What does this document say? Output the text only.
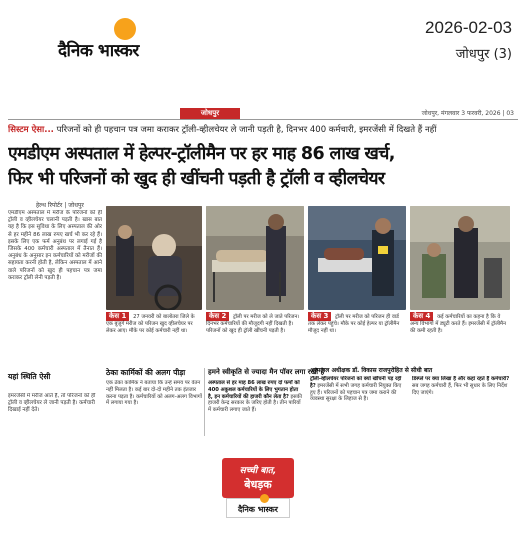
दैनिक भास्कर
2026-02-03
जोधपुर (3)
जोधपुर	जोधपुर, मंगलवार 3 फरवरी, 2026 | 03
सिस्टम ऐसा... परिजनों को ही पहचान पत्र जमा कराकर ट्रॉली-व्हीलचेयर ले जानी पड़ती है, दिनभर 400 कर्मचारी, इमरजेंसी में दिखते हैं नहीं
एमडीएम अस्पताल में हेल्पर-ट्रॉलीमैन पर हर माह 86 लाख खर्च,
फिर भी परिजनों को खुद ही खींचनी पड़ती है ट्रॉली व व्हीलचेयर
हेल्थ रिपोर्टर | जोधपुर

एमडीएम अस्पताल में मरीज के परिजनों को ही ट्रॉली व व्हीलचेयर चलानी पड़ती है। खास बात यह है कि इस सुविधा के लिए अस्पताल की ओर से हर महीने 86 लाख रुपए खर्च भी कर रहे हैं। इसके लिए एक फर्म अनुबंध पर लगाई गई है जिसके 400 कर्मचारी अस्पताल में तैनात हैं। अनुबंध के अनुसार इन कर्मचारियों को मरीजों की सहायता करनी होती है, लेकिन अस्पताल में आने वाले परिजनों को खुद ही पहचान पत्र जमा कराकर ट्रॉली लेनी पड़ती है।

यहां स्थिति ऐसी
इमरजेंसी में मरीज आते हैं, तो परिजनों को ही ट्रॉली व व्हीलचेयर ले जानी पड़ती है। कर्मचारी दिखाई नहीं देते।
केस 1 27 जनवरी को बालोतरा जिले के एक बुजुर्ग मरीज को परिजन खुद व्हीलचेयर पर लेकर आए। मौके पर कोई कर्मचारी नहीं था।
केस 2 ट्रॉली पर मरीज को ले जाते परिजन। दिनभर कर्मचारियों की मौजूदगी नहीं दिखती है। परिजनों को खुद ही ट्रॉली खींचनी पड़ती है।
केस 3 ट्रॉली पर मरीज को परिजन ही वार्ड तक लेकर पहुंचे। मौके पर कोई हेल्पर या ट्रॉलीमैन मौजूद नहीं था।
केस 4 कई कर्मचारियों का कहना है कि वे अन्य विभागों में ड्यूटी करते हैं। इमरजेंसी में ट्रॉलीमैन की कमी रहती है।
ठेका कार्मिकों की अलग पीड़ा
एक ठेका कार्मिक ने बताया कि उन्हें समय पर वेतन नहीं मिलता है। कई बार दो-दो महीने तक इंतजार करना पड़ता है। कर्मचारियों को अलग-अलग विभागों में लगाया गया है।
हमने स्वीकृति से ज्यादा मैन पॉवर लगा रखी है
अस्पताल से हर माह 86 लाख रुपए दो फर्मों को 400 अकुशल कर्मचारियों के लिए भुगतान होता है, इन कर्मचारियों की हाजरी कौन लेता है? इसकी हाजरी केन्द्र सरकार के जरिए होती है। तीन पारियों में कर्मचारी लगाए जाते हैं।
अस्पताल अधीक्षक डॉ. विकास राजपुरोहित से सीधी बात
ट्रॉली-व्हीलचेयर परिजनों को क्यों खींचनी पड़ रही है? इमरजेंसी में सभी जगह कर्मचारी नियुक्त किए हुए हैं। परिजनों को पहचान पत्र जमा कराने की व्यवस्था सुरक्षा के लिहाज से है।
डिस्प्ले पर क्या लिखा है और कहां रहते हैं कर्मचारी? सब जगह कर्मचारी हैं, फिर भी सुधार के लिए निर्देश दिए जाएंगे।
सच्ची बात,
बेधड़क
दैनिक भास्कर
